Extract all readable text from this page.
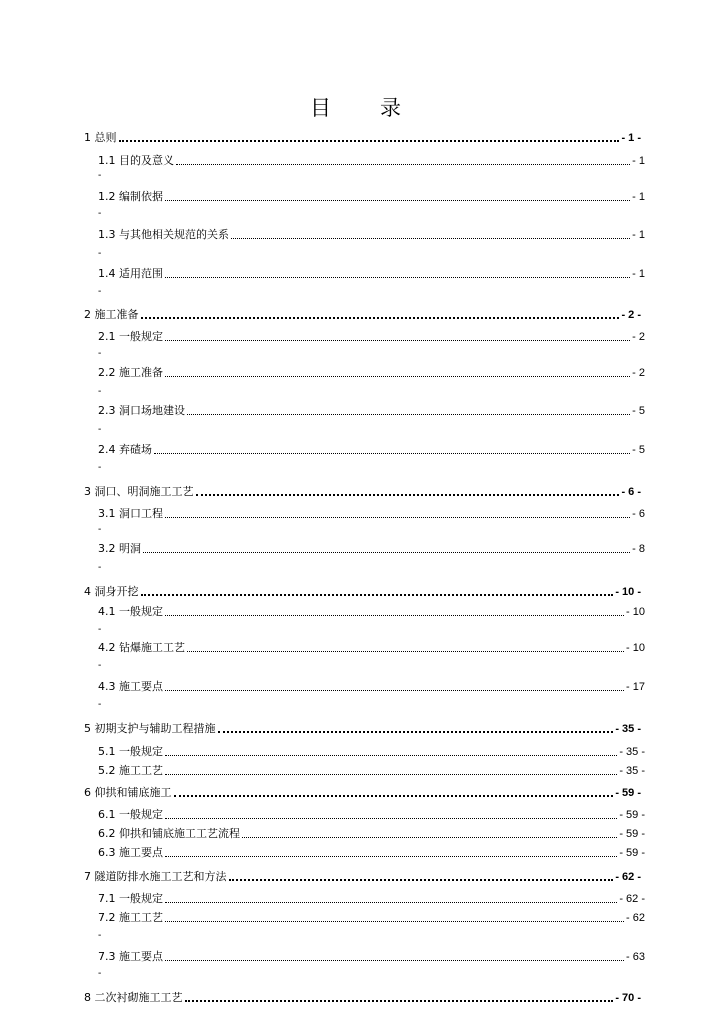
目　录
1 总则	- 1 -
1.1 目的及意义	- 1
-
1.2 编制依据	- 1
-
1.3 与其他相关规范的关系	- 1
-
1.4 适用范围	- 1
-
2 施工准备	- 2 -
2.1 一般规定	- 2
-
2.2 施工准备	- 2
-
2.3 洞口场地建设	- 5
-
2.4 弃碴场	- 5
-
3 洞口、明洞施工工艺	- 6 -
3.1 洞口工程	- 6
-
3.2 明洞	- 8
-
4 洞身开挖	- 10 -
4.1 一般规定	- 10
-
4.2 钻爆施工工艺	- 10
-
4.3 施工要点	- 17
-
5 初期支护与辅助工程措施	- 35 -
5.1 一般规定	- 35 -
5.2 施工工艺	- 35 -
6 仰拱和铺底施工	- 59 -
6.1 一般规定	- 59 -
6.2 仰拱和铺底施工工艺流程	- 59 -
6.3 施工要点	- 59 -
7 隧道防排水施工工艺和方法	- 62 -
7.1 一般规定	- 62 -
7.2 施工工艺	- 62
-
7.3 施工要点	- 63
-
8 二次衬砌施工工艺	- 70 -
